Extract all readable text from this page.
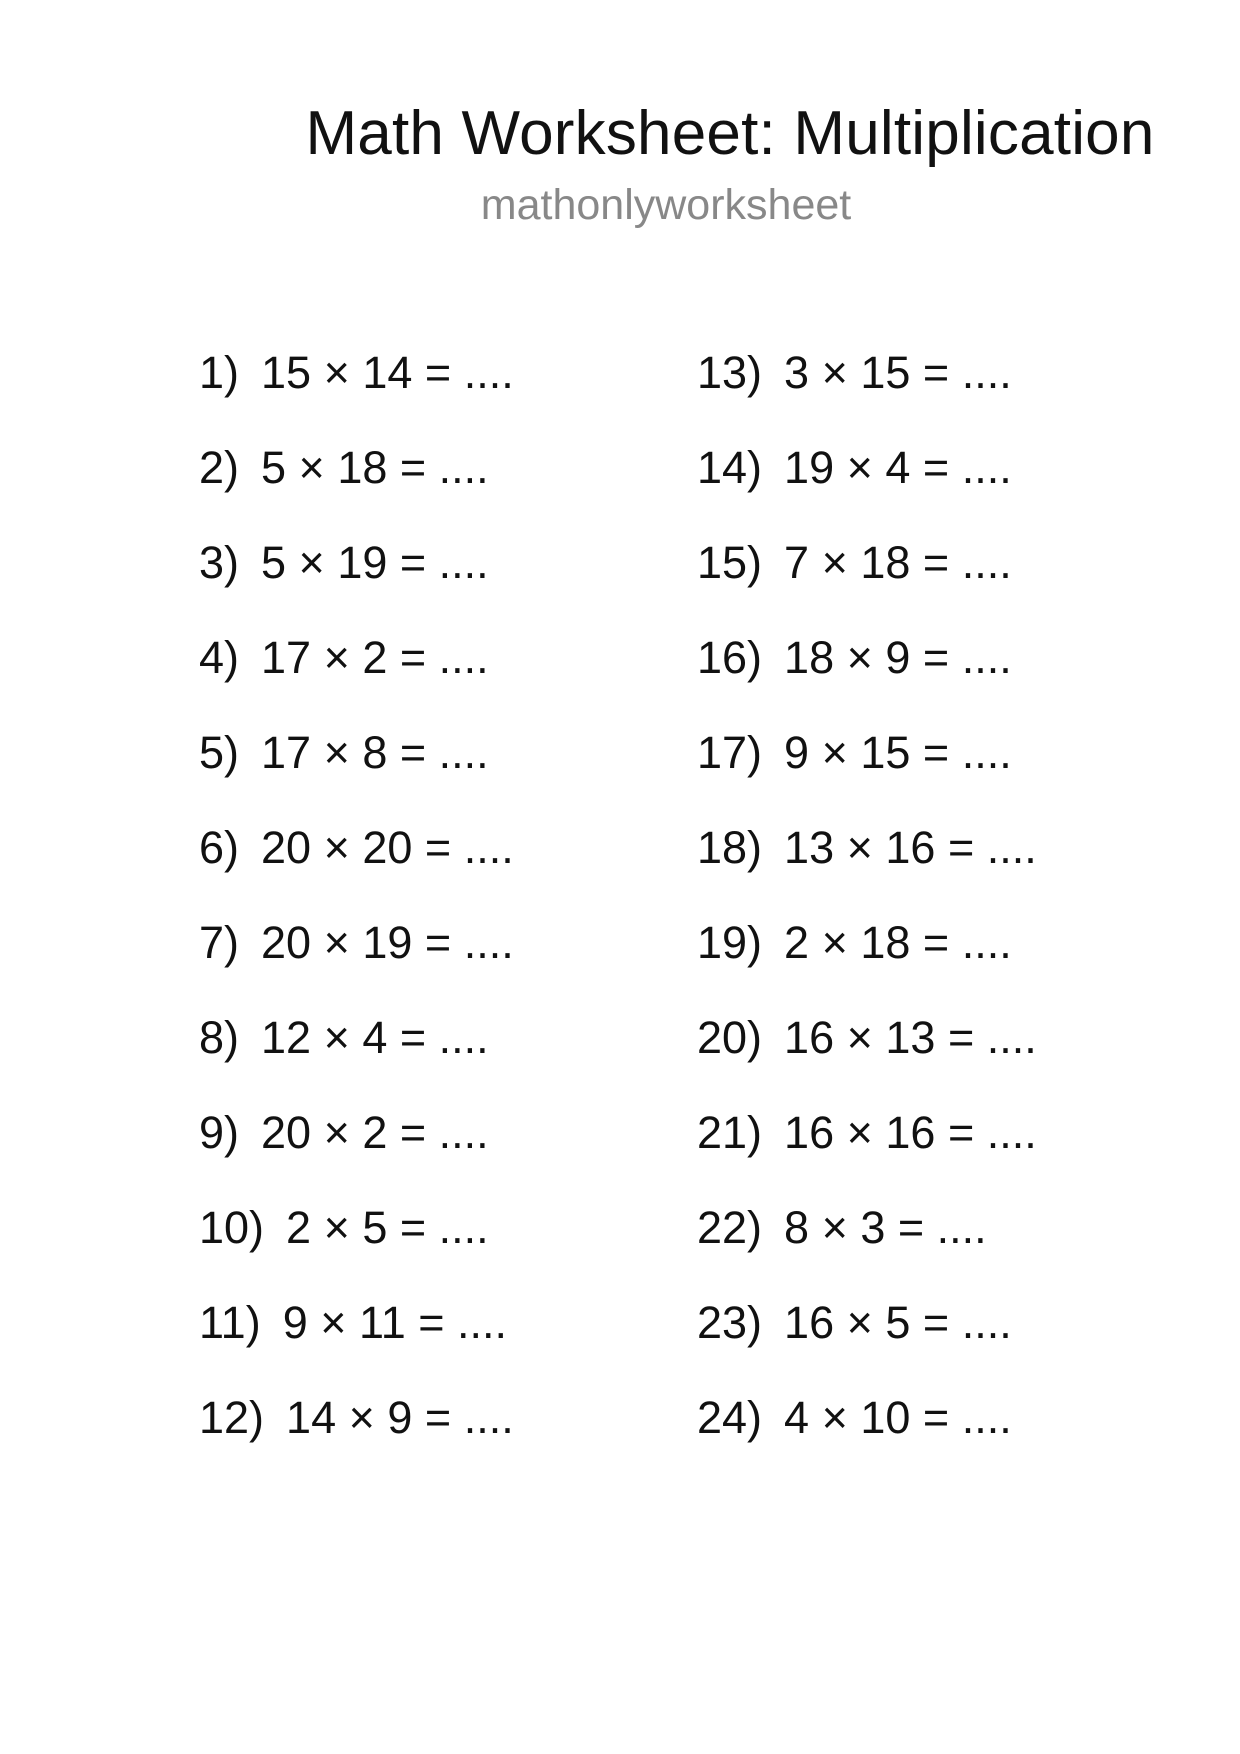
Math Worksheet: Multiplication
mathonlyworksheet
1) 15 × 14 = ....
2) 5 × 18 = ....
3) 5 × 19 = ....
4) 17 × 2 = ....
5) 17 × 8 = ....
6) 20 × 20 = ....
7) 20 × 19 = ....
8) 12 × 4 = ....
9) 20 × 2 = ....
10) 2 × 5 = ....
11) 9 × 11 = ....
12) 14 × 9 = ....
13) 3 × 15 = ....
14) 19 × 4 = ....
15) 7 × 18 = ....
16) 18 × 9 = ....
17) 9 × 15 = ....
18) 13 × 16 = ....
19) 2 × 18 = ....
20) 16 × 13 = ....
21) 16 × 16 = ....
22) 8 × 3 = ....
23) 16 × 5 = ....
24) 4 × 10 = ....
